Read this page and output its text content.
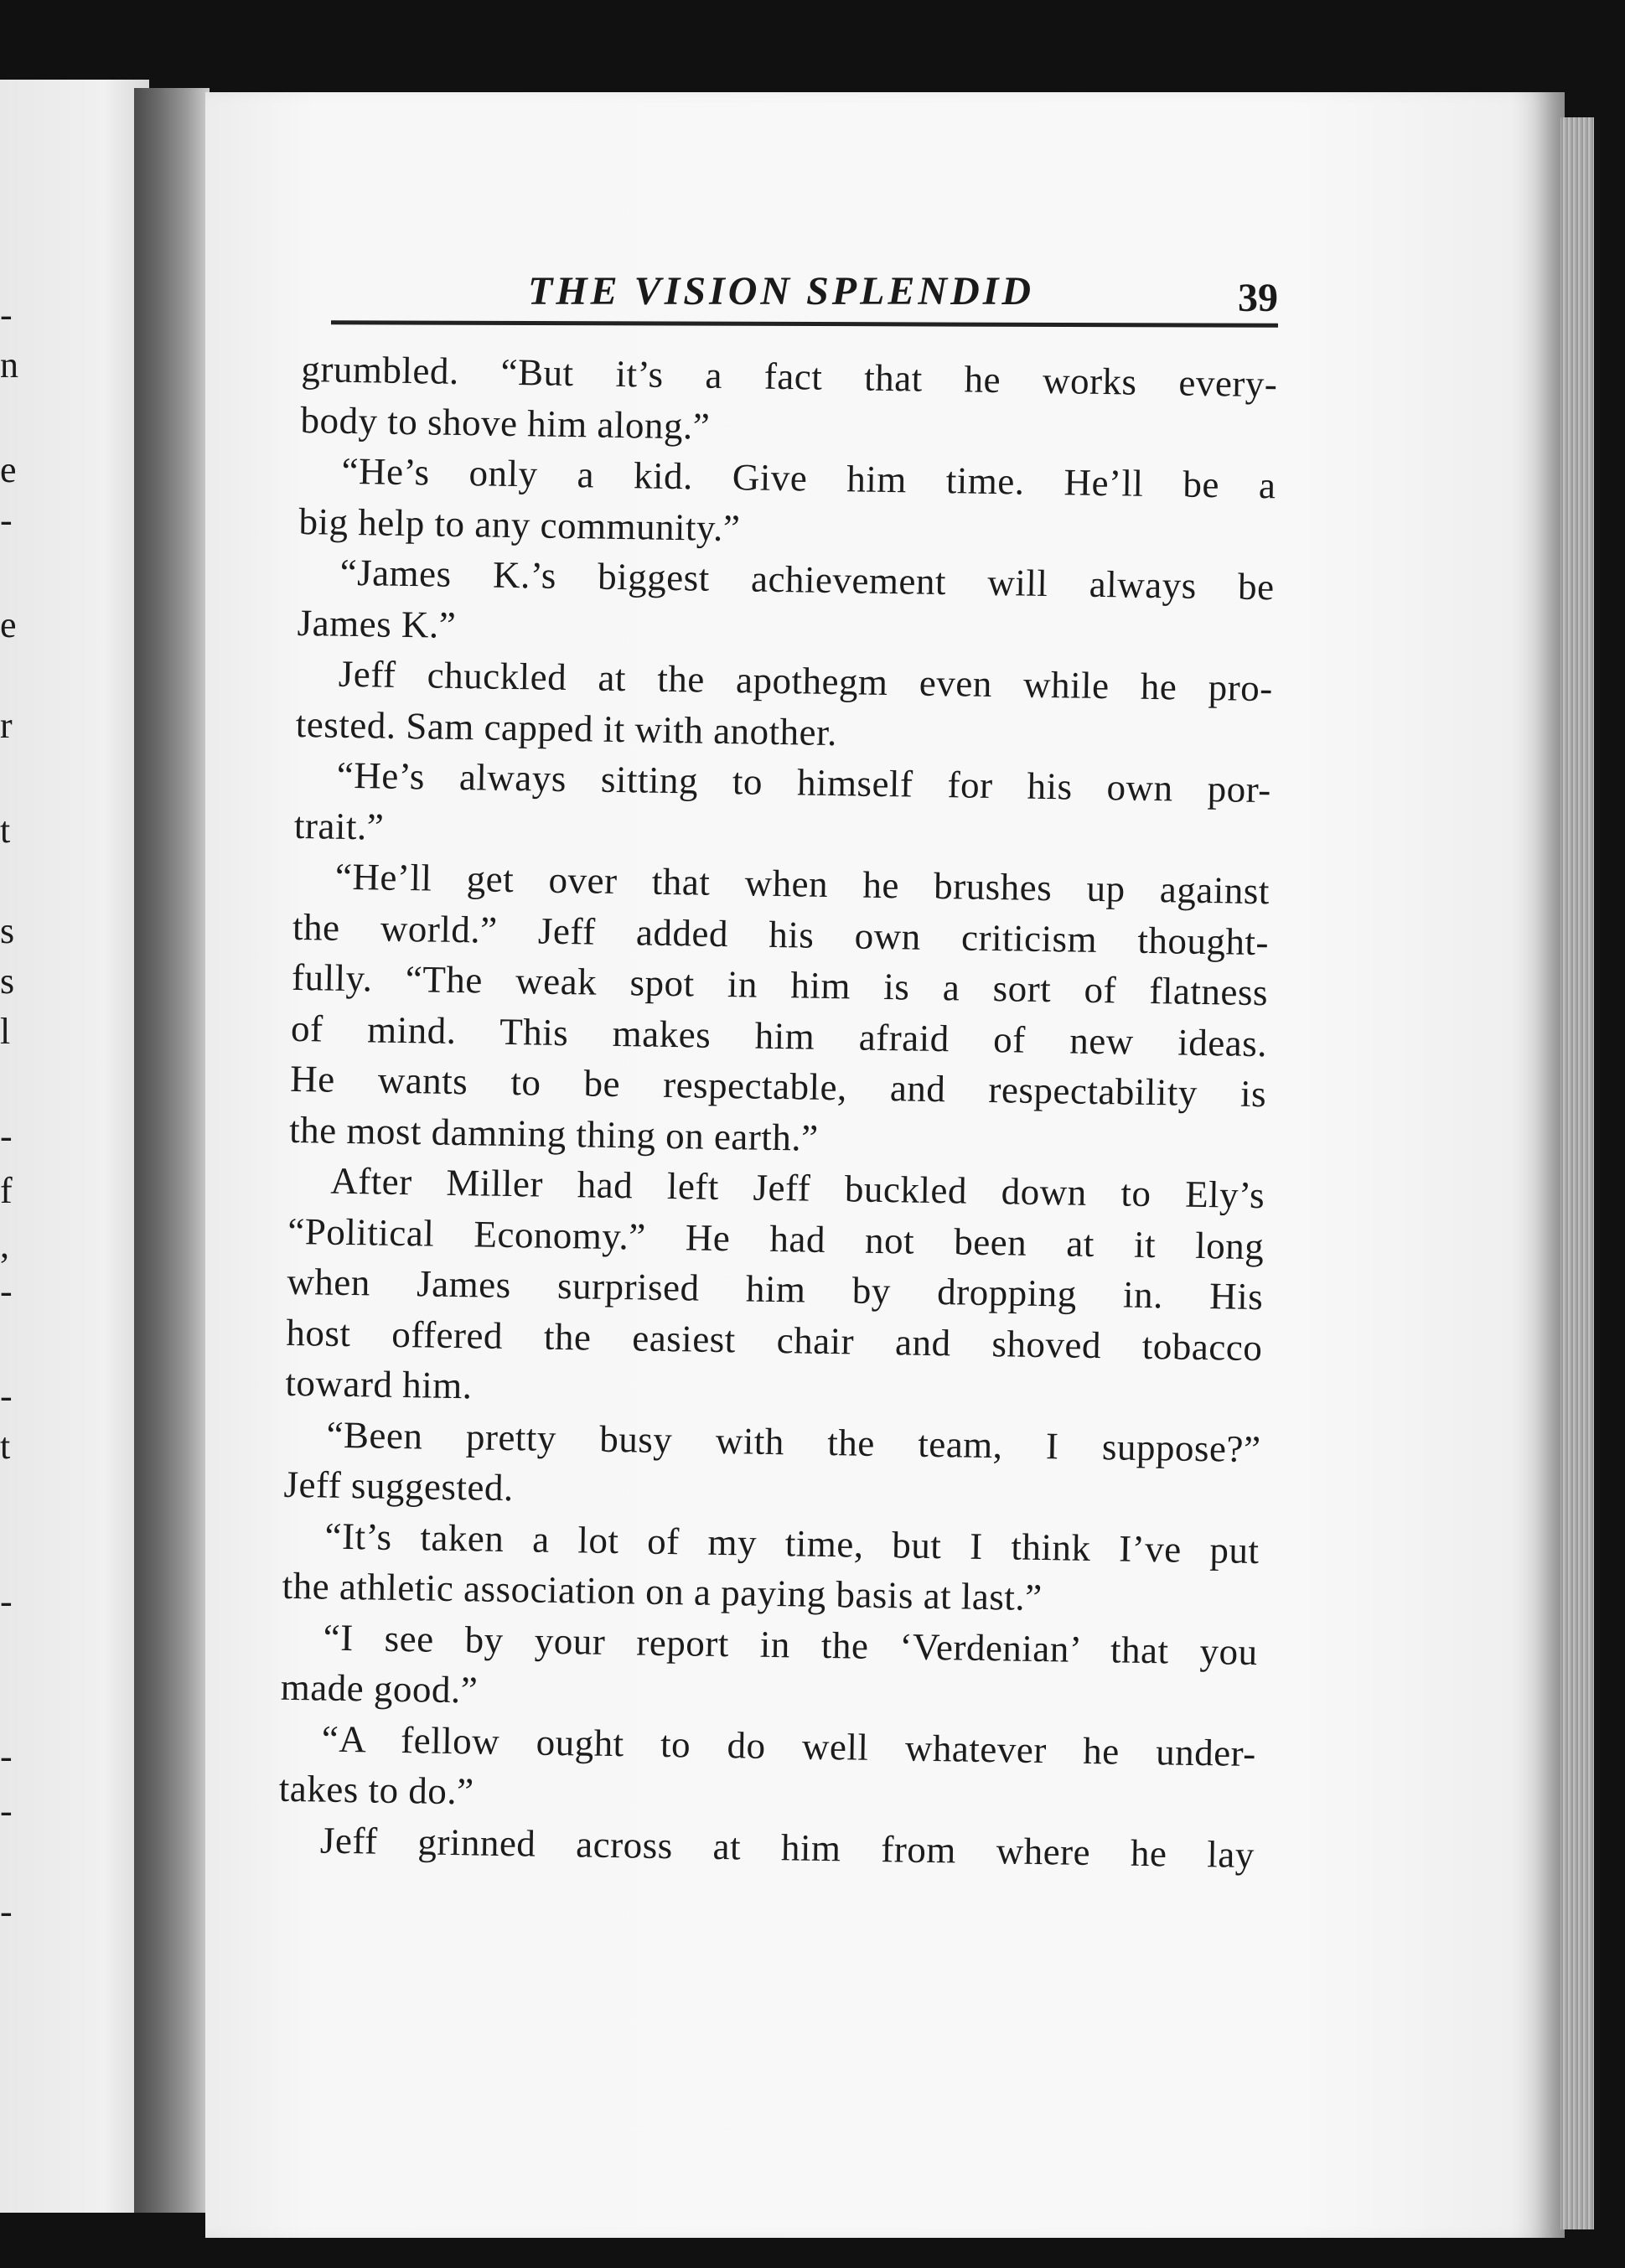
-
n
e
-
e
r
t
s
s
l
-
f
,
-
-
t
-
-
-
-
THE VISION SPLENDID	39
grumbled. “But it’s a fact that he works every-
body to shove him along.”
“He’s only a kid. Give him time. He’ll be a
big help to any community.”
“James K.’s biggest achievement will always be
James K.”
Jeff chuckled at the apothegm even while he pro-
tested. Sam capped it with another.
“He’s always sitting to himself for his own por-
trait.”
“He’ll get over that when he brushes up against
the world.” Jeff added his own criticism thought-
fully. “The weak spot in him is a sort of flatness
of mind. This makes him afraid of new ideas.
He wants to be respectable, and respectability is
the most damning thing on earth.”
After Miller had left Jeff buckled down to Ely’s
“Political Economy.” He had not been at it long
when James surprised him by dropping in. His
host offered the easiest chair and shoved tobacco
toward him.
“Been pretty busy with the team, I suppose?”
Jeff suggested.
“It’s taken a lot of my time, but I think I’ve put
the athletic association on a paying basis at last.”
“I see by your report in the ‘Verdenian’ that you
made good.”
“A fellow ought to do well whatever he under-
takes to do.”
Jeff grinned across at him from where he lay
